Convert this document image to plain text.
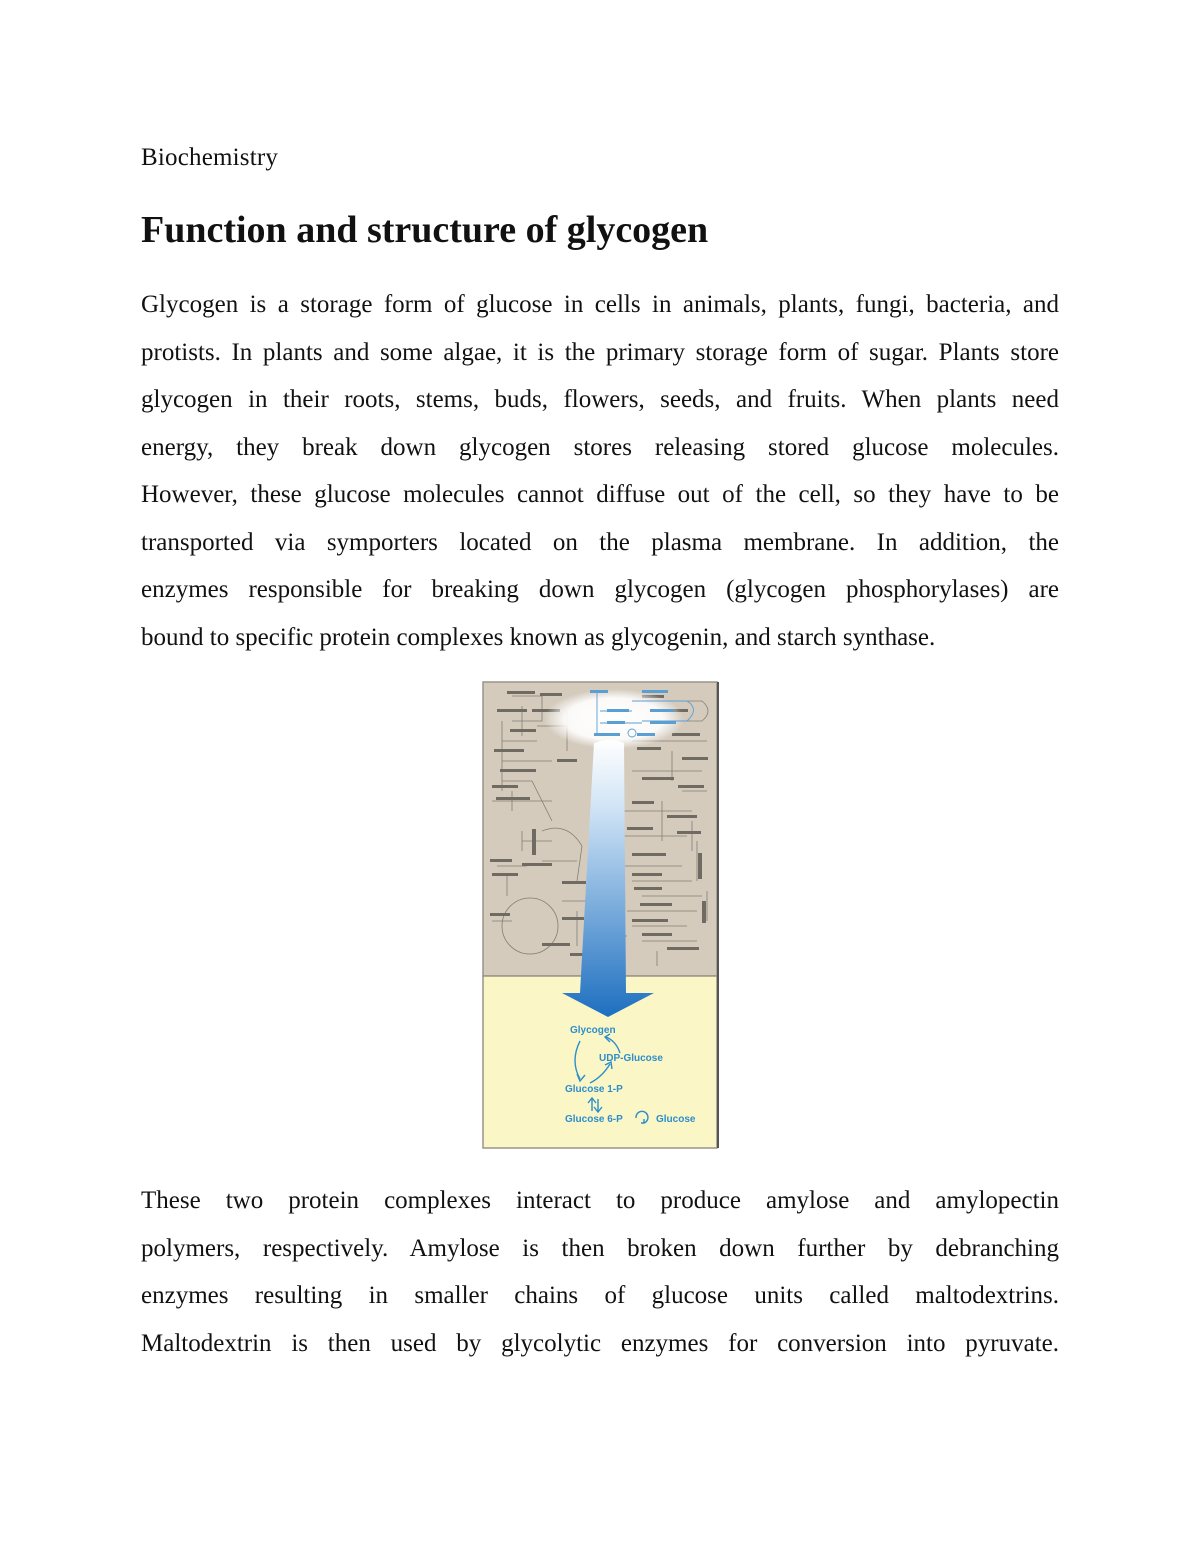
Biochemistry
Function and structure of glycogen
Glycogen is a storage form of glucose in cells in animals, plants, fungi, bacteria, and
protists. In plants and some algae, it is the primary storage form of sugar. Plants store
glycogen in their roots, stems, buds, flowers, seeds, and fruits. When plants need
energy, they break down glycogen stores releasing stored glucose molecules.
However, these glucose molecules cannot diffuse out of the cell, so they have to be
transported via symporters located on the plasma membrane. In addition, the
enzymes responsible for breaking down glycogen (glycogen phosphorylases) are
bound to specific protein complexes known as glycogenin, and starch synthase.
Glycogen
UDP-Glucose
Glucose 1-P
Glucose 6-P	Glucose
These two protein complexes interact to produce amylose and amylopectin
polymers, respectively. Amylose is then broken down further by debranching
enzymes resulting in smaller chains of glucose units called maltodextrins.
Maltodextrin is then used by glycolytic enzymes for conversion into pyruvate.
